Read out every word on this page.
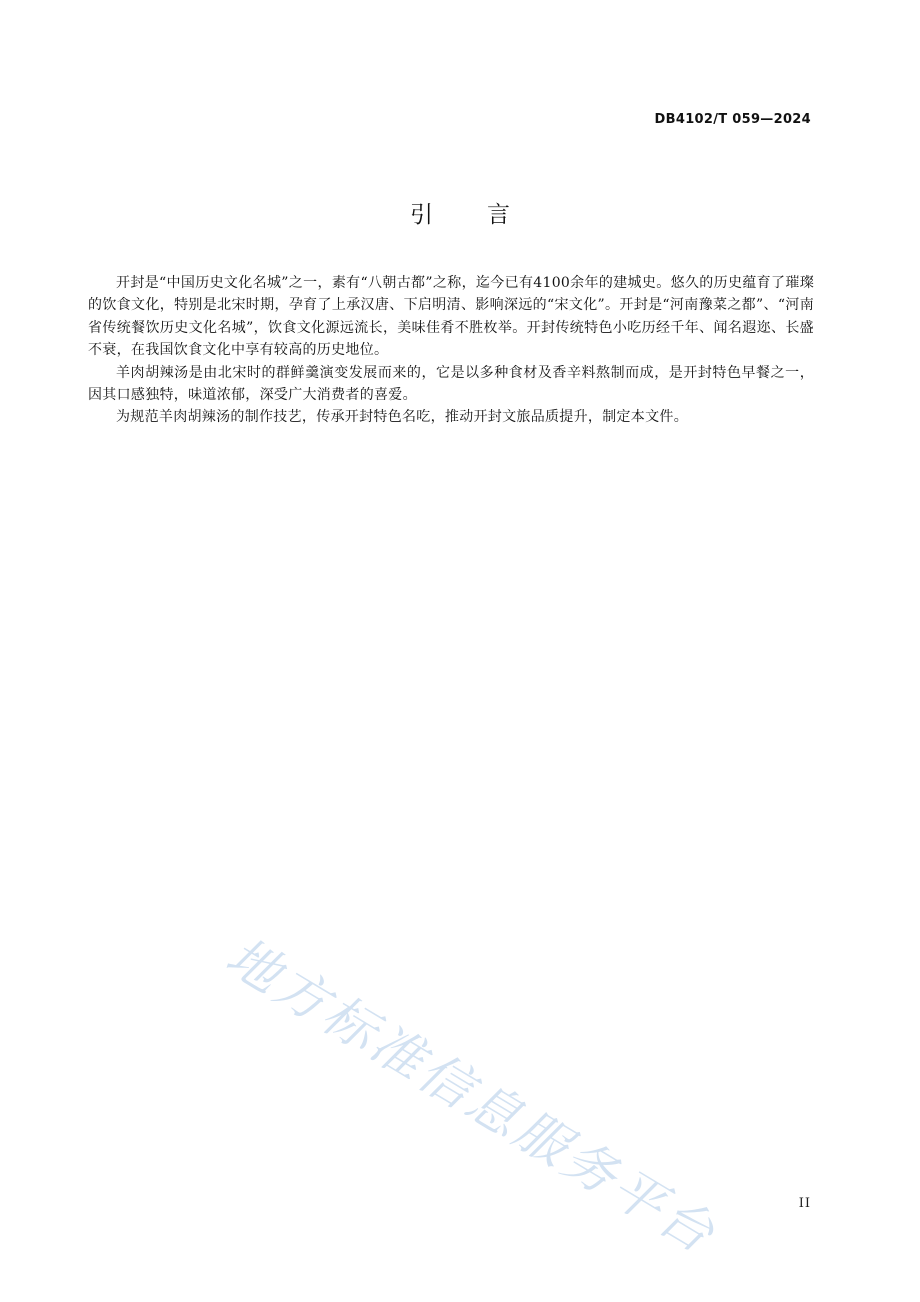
DB4102/T 059—2024
引言

开封是“中国历史文化名城”之一，素有“八朝古都”之称，迄今已有4100余年的建城史。悠久的历史蕴育了璀璨的饮食文化，特别是北宋时期，孕育了上承汉唐、下启明清、影响深远的“宋文化”。开封是“河南豫菜之都”、“河南省传统餐饮历史文化名城”，饮食文化源远流长，美味佳肴不胜枚举。开封传统特色小吃历经千年、闻名遐迩、长盛不衰，在我国饮食文化中享有较高的历史地位。

羊肉胡辣汤是由北宋时的群鲜羹演变发展而来的，它是以多种食材及香辛料熬制而成，是开封特色早餐之一，因其口感独特，味道浓郁，深受广大消费者的喜爱。

为规范羊肉胡辣汤的制作技艺，传承开封特色名吃，推动开封文旅品质提升，制定本文件。

地方标准信息服务平台	II
